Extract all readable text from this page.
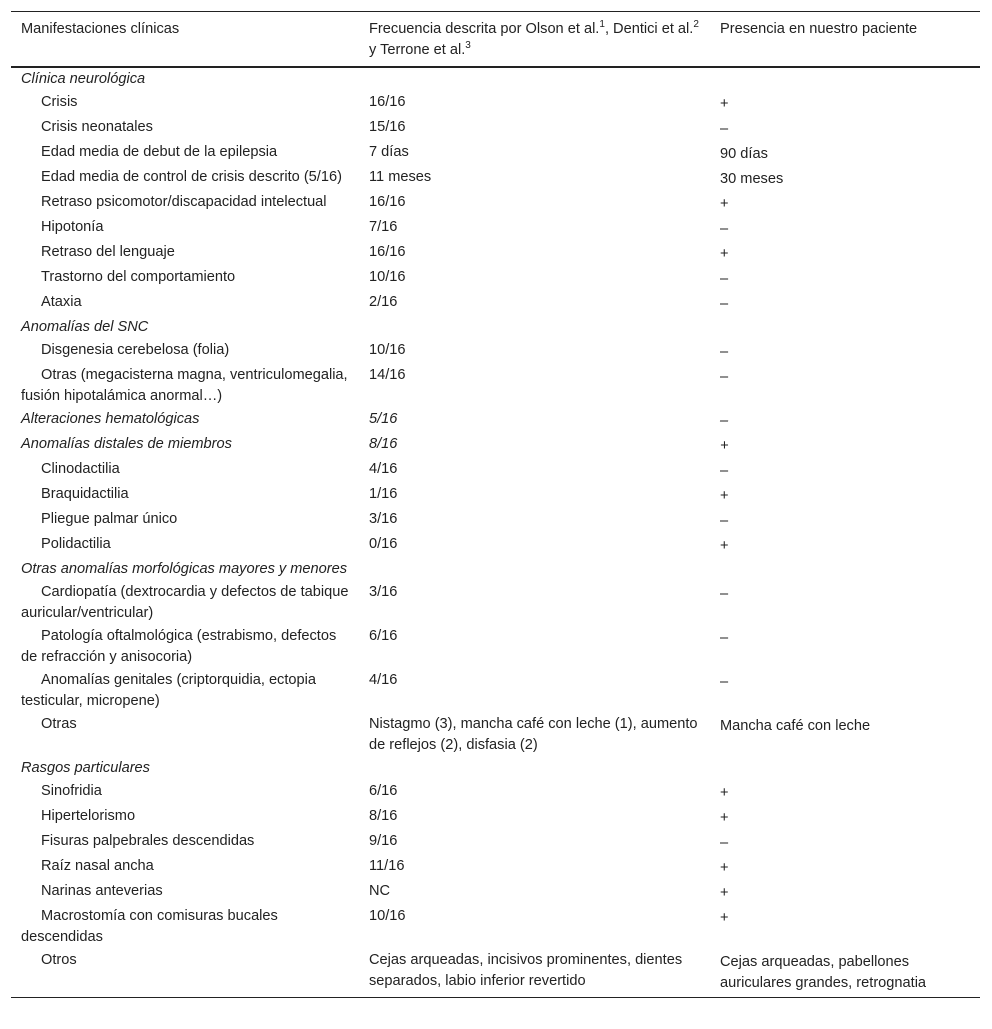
Manifestaciones clínicas	Frecuencia descrita por Olson et al.$^1$, Dentici et al.$^2$ y Terrone et al.$^3$	Presencia en nuestro paciente
Clínica neurológica		
Crisis	16/16	+
Crisis neonatales	15/16	–
Edad media de debut de la epilepsia	7 días	90 días
Edad media de control de crisis descrito (5/16)	11 meses	30 meses
Retraso psicomotor/discapacidad intelectual	16/16	+
Hipotonía	7/16	–
Retraso del lenguaje	16/16	+
Trastorno del comportamiento	10/16	–
Ataxia	2/16	–
Anomalías del SNC		
Disgenesia cerebelosa (folia)	10/16	–
Otras (megacisterna magna, ventriculomegalia, fusión hipotalámica anormal…)	14/16	–
Alteraciones hematológicas	5/16	–
Anomalías distales de miembros	8/16	+
Clinodactilia	4/16	–
Braquidactilia	1/16	+
Pliegue palmar único	3/16	–
Polidactilia	0/16	+
Otras anomalías morfológicas mayores y menores		
Cardiopatía (dextrocardia y defectos de tabique auricular/ventricular)	3/16	–
Patología oftalmológica (estrabismo, defectos de refracción y anisocoria)	6/16	–
Anomalías genitales (criptorquidia, ectopia testicular, micropene)	4/16	–
Otras	Nistagmo (3), mancha café con leche (1), aumento de reflejos (2), disfasia (2)	Mancha café con leche
Rasgos particulares		
Sinofridia	6/16	+
Hipertelorismo	8/16	+
Fisuras palpebrales descendidas	9/16	–
Raíz nasal ancha	11/16	+
Narinas anteverias	NC	+
Macrostomía con comisuras bucales descendidas	10/16	+
Otros	Cejas arqueadas, incisivos prominentes, dientes separados, labio inferior revertido	Cejas arqueadas, pabellones auriculares grandes, retrognatia
